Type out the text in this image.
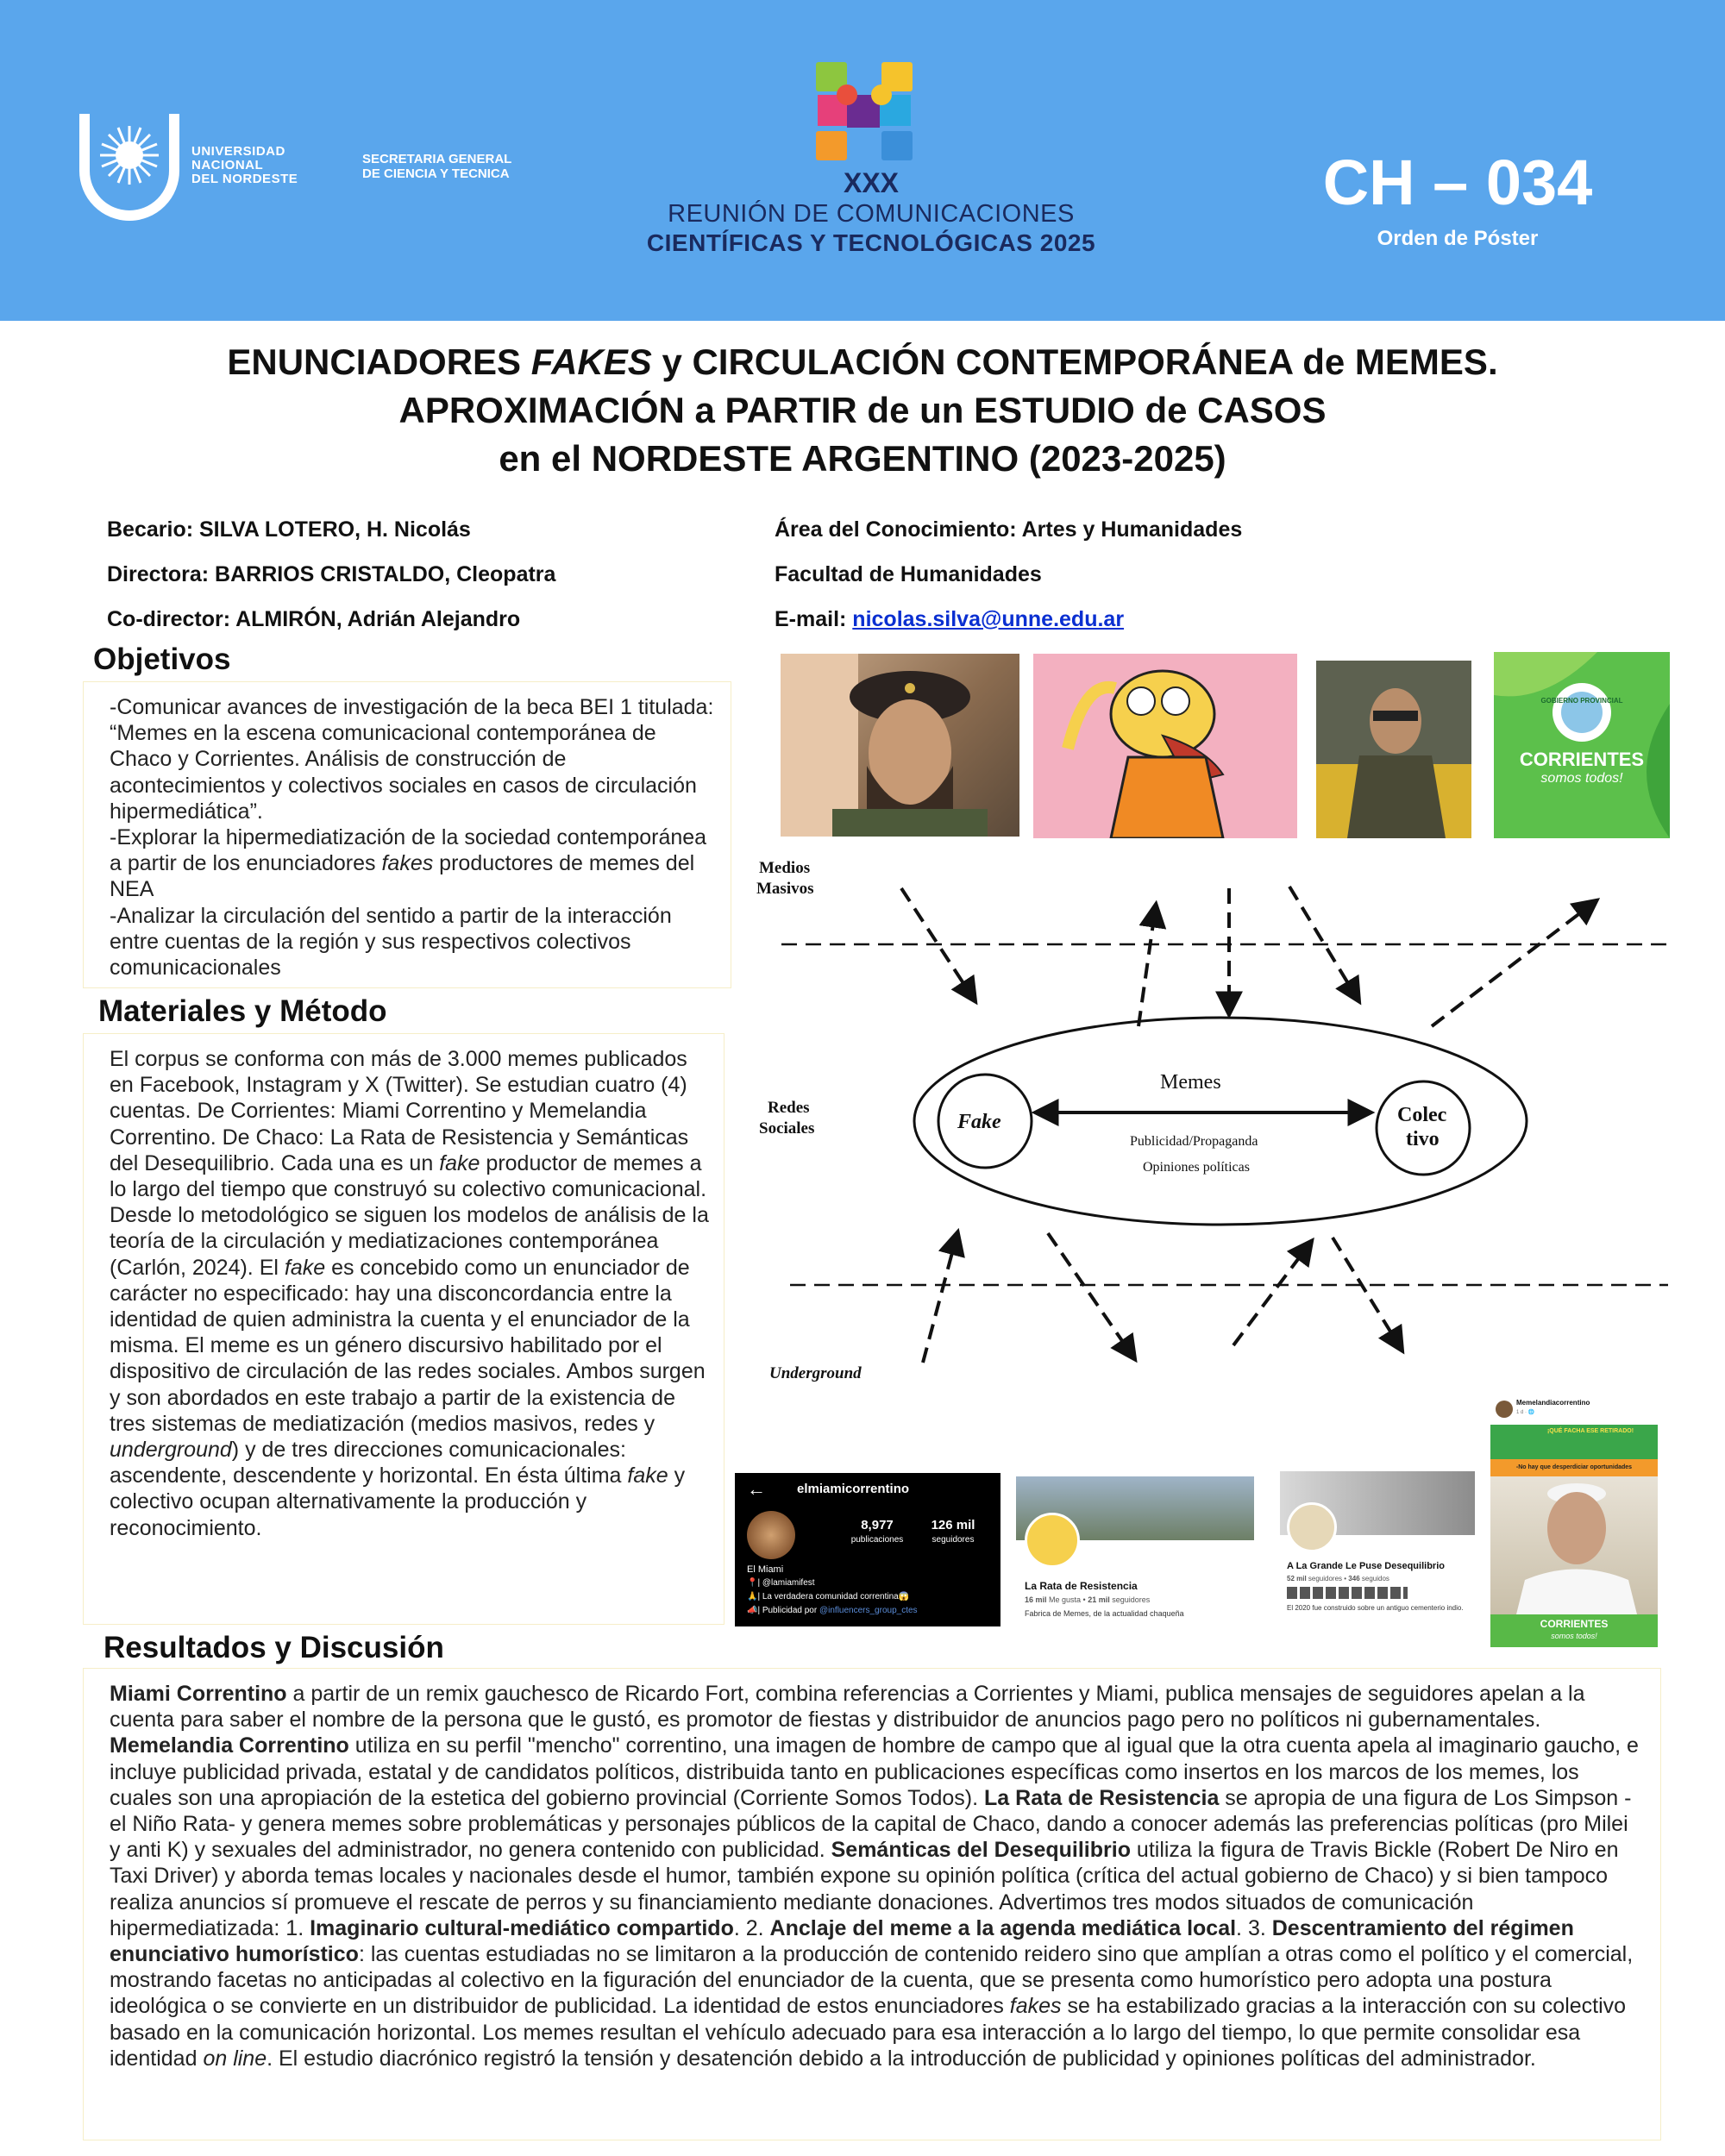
UNIVERSIDAD
NACIONAL
DEL NORDESTE
SECRETARIA GENERAL
DE CIENCIA Y TECNICA	XXX
REUNIÓN DE COMUNICACIONES
CIENTÍFICAS Y TECNOLÓGICAS 2025
CH – 034
Orden de Póster
ENUNCIADORES FAKES y CIRCULACIÓN CONTEMPORÁNEA de MEMES.
APROXIMACIÓN a PARTIR de un ESTUDIO de CASOS
en el NORDESTE ARGENTINO (2023-2025)
Becario: SILVA LOTERO, H. Nicolás
Directora: BARRIOS CRISTALDO, Cleopatra
Co-director: ALMIRÓN, Adrián Alejandro
Área del Conocimiento: Artes y Humanidades
Facultad de Humanidades
E-mail: nicolas.silva@unne.edu.ar
Objetivos

-Comunicar avances de investigación de la beca BEI 1 titulada: “Memes en la escena comunicacional contemporánea de Chaco y Corrientes. Análisis de construcción de acontecimientos y colectivos sociales en casos de circulación hipermediática”.

-Explorar la hipermediatización de la sociedad contemporánea a partir de los enunciadores fakes productores de memes del NEA

-Analizar la circulación del sentido a partir de la interacción entre cuentas de la región y sus respectivos colectivos comunicacionales

Materiales y Método

El corpus se conforma con más de 3.000 memes publicados en Facebook, Instagram y X (Twitter). Se estudian cuatro (4) cuentas. De Corrientes: Miami Correntino y Memelandia Correntino. De Chaco: La Rata de Resistencia y Semánticas del Desequilibrio. Cada una es un fake productor de memes a lo largo del tiempo que construyó su colectivo comunicacional. Desde lo metodológico se siguen los modelos de análisis de la teoría de la circulación y mediatizaciones contemporánea (Carlón, 2024). El fake es concebido como un enunciador de carácter no especificado: hay una disconcordancia entre la identidad de quien administra la cuenta y el enunciador de la misma. El meme es un género discursivo habilitado por el dispositivo de circulación de las redes sociales. Ambos surgen y son abordados en este trabajo a partir de la existencia de tres sistemas de mediatización (medios masivos, redes y underground) y de tres direcciones comunicacionales: ascendente, descendente y horizontal. En ésta última fake y colectivo ocupan alternativamente la producción y reconocimiento.

Resultados y Discusión

Miami Correntino a partir de un remix gauchesco de Ricardo Fort, combina referencias a Corrientes y Miami, publica mensajes de seguidores apelan a la cuenta para saber el nombre de la persona que le gustó, es promotor de fiestas y distribuidor de anuncios pago pero no políticos ni gubernamentales. Memelandia Correntino utiliza en su perfil "mencho" correntino, una imagen de hombre de campo que al igual que la otra cuenta apela al imaginario gaucho, e incluye publicidad privada, estatal y de candidatos políticos, distribuida tanto en publicaciones específicas como insertos en los marcos de los memes, los cuales son una apropiación de la estetica del gobierno provincial (Corriente Somos Todos). La Rata de Resistencia se apropia de una figura de Los Simpson -el Niño Rata- y genera memes sobre problemáticas y personajes públicos de la capital de Chaco, dando a conocer además las preferencias políticas (pro Milei y anti K) y sexuales del administrador, no genera contenido con publicidad. Semánticas del Desequilibrio utiliza la figura de Travis Bickle (Robert De Niro en Taxi Driver) y aborda temas locales y nacionales desde el humor, también expone su opinión política (crítica del actual gobierno de Chaco) y si bien tampoco realiza anuncios sí promueve el rescate de perros y su financiamiento mediante donaciones. Advertimos tres modos situados de comunicación hipermediatizada: 1. Imaginario cultural-mediático compartido. 2. Anclaje del meme a la agenda mediática local. 3. Descentramiento del régimen enunciativo humorístico: las cuentas estudiadas no se limitaron a la producción de contenido reidero sino que amplían a otras como el político y el comercial, mostrando facetas no anticipadas al colectivo en la figuración del enunciador de la cuenta, que se presenta como humorístico pero adopta una postura ideológica o se convierte en un distribuidor de publicidad. La identidad de estos enunciadores fakes se ha estabilizado gracias a la interacción con su colectivo basado en la comunicación horizontal. Los memes resultan el vehículo adecuado para esa interacción a lo largo del tiempo, lo que permite consolidar esa identidad on line. El estudio diacrónico registró la tensión y desatención debido a la introducción de publicidad y opiniones políticas del administrador.

GOBIERNO PROVINCIAL
CORRIENTES
somos todos!
Medios
Masivos
Redes
Sociales
Underground
Fake	Colec
tivo
Memes
Publicidad/Propaganda
Opiniones políticas
← elmiamicorrentino
8,977
publicaciones
126 mil
seguidores
El Miami
📍| @lamiamifest
🙏| La verdadera comunidad correntina😱
📣| Publicidad por @influencers_group_ctes
La Rata de Resistencia
16 mil Me gusta • 21 mil seguidores
Fabrica de Memes, de la actualidad chaqueña
A La Grande Le Puse Desequilibrio
52 mil seguidores • 346 seguidos
El 2020 fue construido sobre un antiguo cementerio indio.
Memelandiacorrentino
1 d · 🌐
¡QUÉ FACHA ESE RETIRADO!
-No hay que desperdiciar oportunidades
CORRIENTES
somos todos!
